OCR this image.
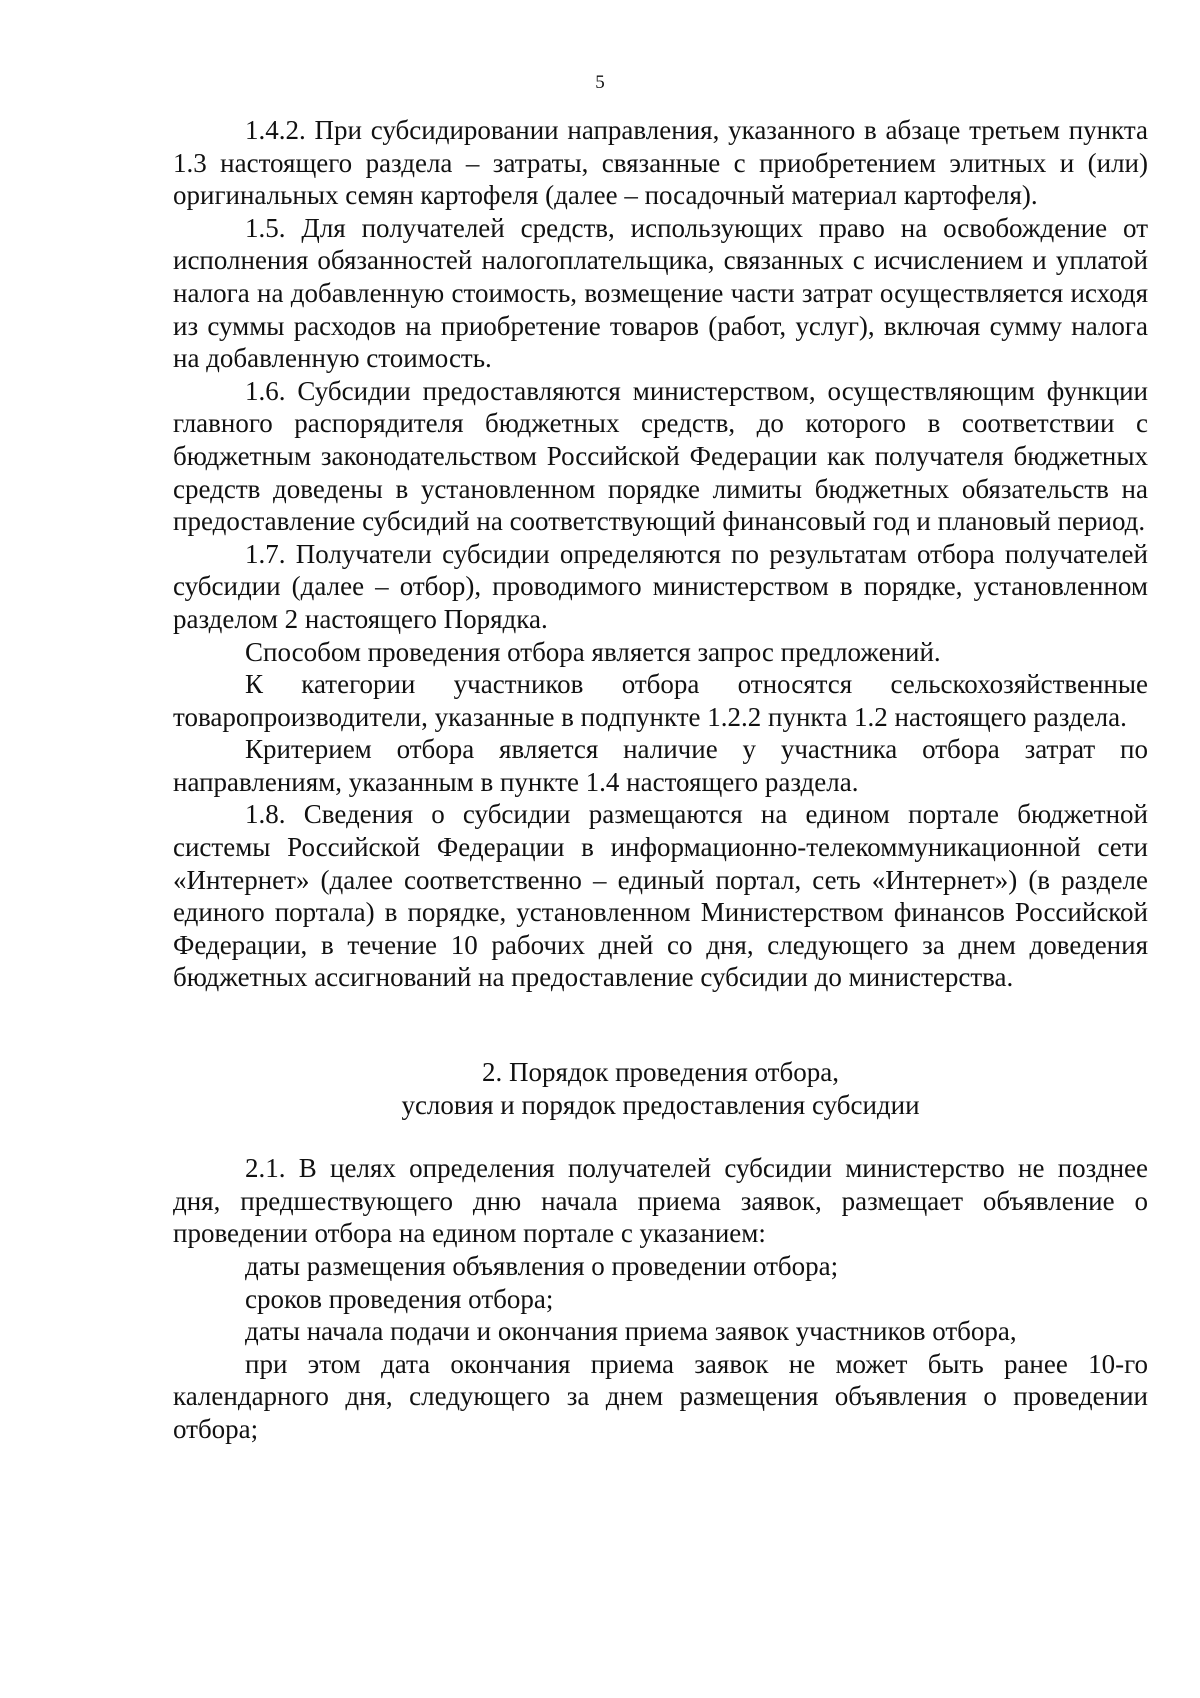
5

1.4.2. При субсидировании направления, указанного в абзаце третьем пункта 1.3 настоящего раздела – затраты, связанные с приобретением элитных и (или) оригинальных семян картофеля (далее – посадочный материал картофеля).

1.5. Для получателей средств, использующих право на освобождение от исполнения обязанностей налогоплательщика, связанных с исчислением и уплатой налога на добавленную стоимость, возмещение части затрат осуществляется исходя из суммы расходов на приобретение товаров (работ, услуг), включая сумму налога на добавленную стоимость.

1.6. Субсидии предоставляются министерством, осуществляющим функции главного распорядителя бюджетных средств, до которого в соответствии с бюджетным законодательством Российской Федерации как получателя бюджетных средств доведены в установленном порядке лимиты бюджетных обязательств на предоставление субсидий на соответствующий финансовый год и плановый период.

1.7. Получатели субсидии определяются по результатам отбора получателей субсидии (далее – отбор), проводимого министерством в порядке, установленном разделом 2 настоящего Порядка.

Способом проведения отбора является запрос предложений.

К категории участников отбора относятся сельскохозяйственные товаропроизводители, указанные в подпункте 1.2.2 пункта 1.2 настоящего раздела.

Критерием отбора является наличие у участника отбора затрат по направлениям, указанным в пункте 1.4 настоящего раздела.

1.8. Сведения о субсидии размещаются на едином портале бюджетной системы Российской Федерации в информационно-телекоммуникационной сети «Интернет» (далее соответственно – единый портал, сеть «Интернет») (в разделе единого портала) в порядке, установленном Министерством финансов Российской Федерации, в течение 10 рабочих дней со дня, следующего за днем доведения бюджетных ассигнований на предоставление субсидии до министерства.

2. Порядок проведения отбора,
условия и порядок предоставления субсидии

2.1. В целях определения получателей субсидии министерство не позднее дня, предшествующего дню начала приема заявок, размещает объявление о проведении отбора на едином портале с указанием:

даты размещения объявления о проведении отбора;

сроков проведения отбора;

даты начала подачи и окончания приема заявок участников отбора,

при этом дата окончания приема заявок не может быть ранее 10-го календарного дня, следующего за днем размещения объявления о проведении отбора;
